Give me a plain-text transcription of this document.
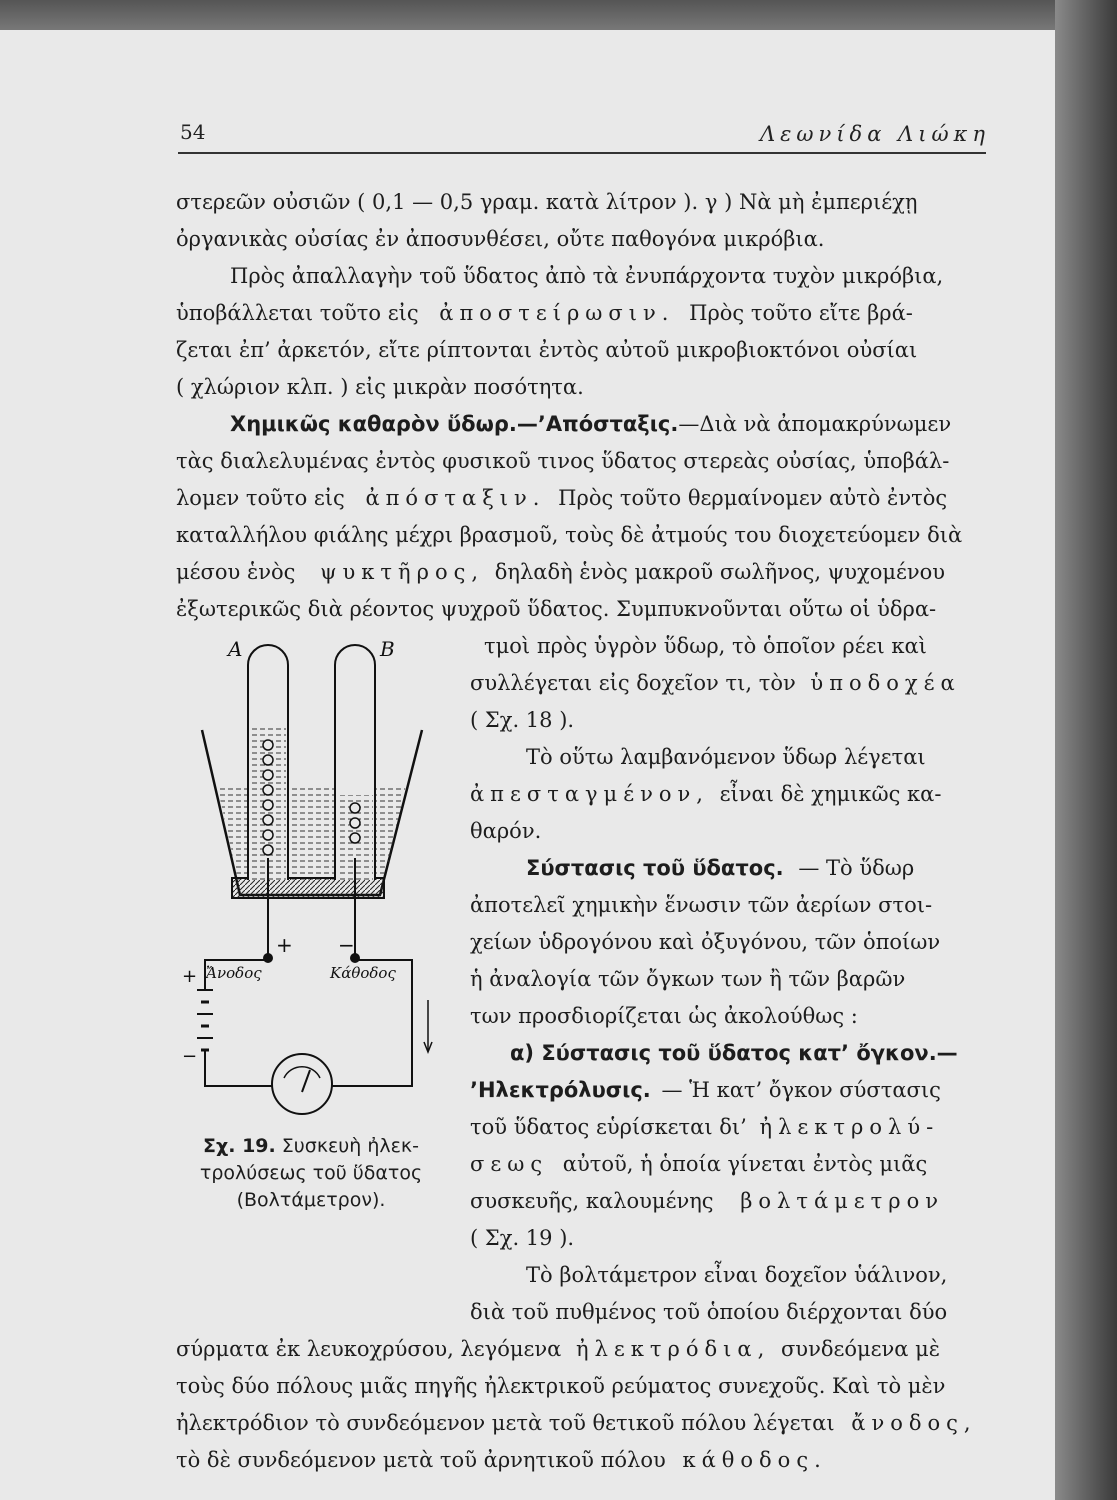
54	Λεωνίδα Λιώκη
στερεῶν οὐσιῶν ( 0,1 — 0,5 γραμ. κατὰ λίτρον ). γ ) Νὰ μὴ ἐμπεριέχῃ
ὀργανικὰς οὐσίας ἐν ἀποσυνθέσει, οὔτε παθογόνα μικρόβια.
Πρὸς ἀπαλλαγὴν τοῦ ὕδατος ἀπὸ τὰ ἐνυπάρχοντα τυχὸν μικρόβια,
ὑποβάλλεται τοῦτο εἰς ἀποστείρωσιν. Πρὸς τοῦτο εἴτε βρά-
ζεται ἐπ’ ἀρκετόν, εἴτε ρίπτονται ἐντὸς αὐτοῦ μικροβιοκτόνοι οὐσίαι
( χλώριον κλπ. ) εἰς μικρὰν ποσότητα.
Χημικῶς καθαρὸν ὕδωρ.—’Απόσταξις.—Διὰ νὰ ἀπομακρύνωμεν
τὰς διαλελυμένας ἐντὸς φυσικοῦ τινος ὕδατος στερεὰς οὐσίας, ὑποβάλ-
λομεν τοῦτο εἰς ἀπόσταξιν. Πρὸς τοῦτο θερμαίνομεν αὐτὸ ἐντὸς
καταλλήλου φιάλης μέχρι βρασμοῦ, τοὺς δὲ ἀτμούς του διοχετεύομεν διὰ
μέσου ἑνὸς ψυκτῆρος, δηλαδὴ ἑνὸς μακροῦ σωλῆνος, ψυχομένου
ἐξωτερικῶς διὰ ρέοντος ψυχροῦ ὕδατος. Συμπυκνοῦνται οὕτω οἱ ὑδρα-
τμοὶ πρὸς ὑγρὸν ὕδωρ, τὸ ὁποῖον ρέει καὶ
συλλέγεται εἰς δοχεῖον τι, τὸν ὑποδοχέα
( Σχ. 18 ).
Τὸ οὕτω λαμβανόμενον ὕδωρ λέγεται
ἀπεσταγμένον, εἶναι δὲ χημικῶς κα-
θαρόν.
Σύστασις τοῦ ὕδατος. — Τὸ ὕδωρ
ἀποτελεῖ χημικὴν ἕνωσιν τῶν ἀερίων στοι-
χείων ὑδρογόνου καὶ ὀξυγόνου, τῶν ὁποίων
ἡ ἀναλογία τῶν ὄγκων των ἢ τῶν βαρῶν
των προσδιορίζεται ὡς ἀκολούθως :
α) Σύστασις τοῦ ὕδατος κατ’ ὄγκον.—
’Ηλεκτρόλυσις. — Ἡ κατ’ ὄγκον σύστασις
τοῦ ὕδατος εὑρίσκεται δι’ ἠλεκτρολύ-
σεως αὐτοῦ, ἡ ὁποία γίνεται ἐντὸς μιᾶς
συσκευῆς, καλουμένης βολτάμετρον
( Σχ. 19 ).
Τὸ βολτάμετρον εἶναι δοχεῖον ὑάλινον,
διὰ τοῦ πυθμένος τοῦ ὁποίου διέρχονται δύο
σύρματα ἐκ λευκοχρύσου, λεγόμενα ἠλεκτρόδια, συνδεόμενα μὲ
τοὺς δύο πόλους μιᾶς πηγῆς ἠλεκτρικοῦ ρεύματος συνεχοῦς. Καὶ τὸ μὲν
ἠλεκτρόδιον τὸ συνδεόμενον μετὰ τοῦ θετικοῦ πόλου λέγεται ἄνοδος,
τὸ δὲ συνδεόμενον μετὰ τοῦ ἀρνητικοῦ πόλου κάθοδος.
A	B
+ −
+
−
Ἄνοδος	Κάθοδος
Σχ. 19. Συσκευὴ ἠλεκ-
τρολύσεως τοῦ ὕδατος
(Βολτάμετρον).
